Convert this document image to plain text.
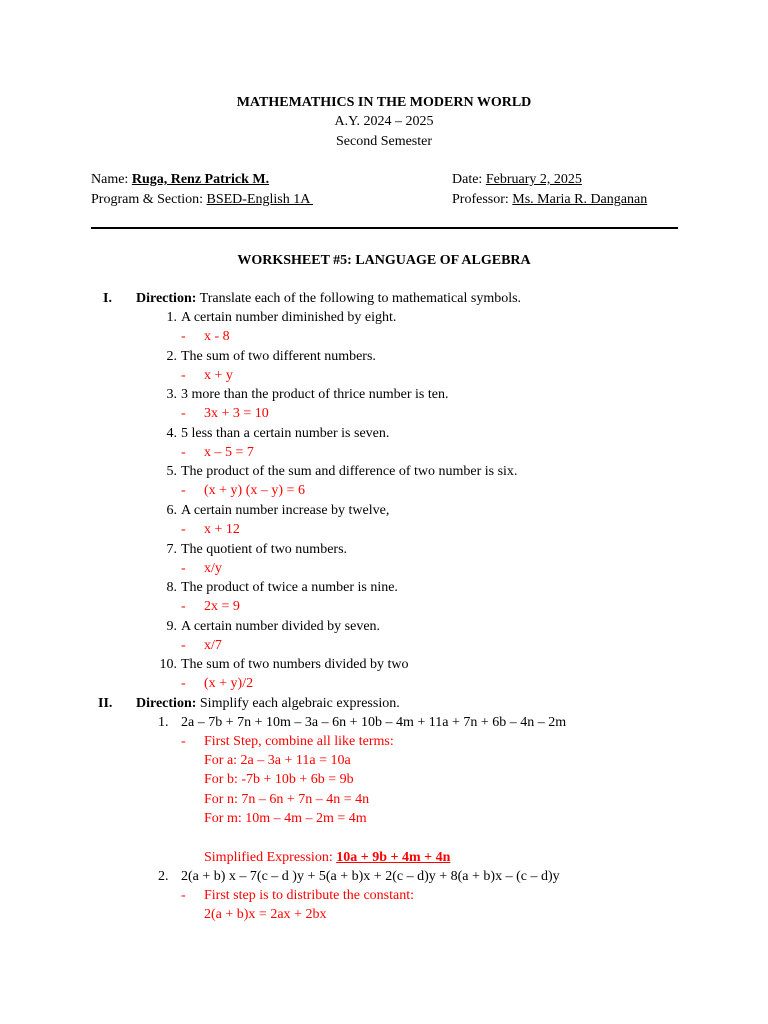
MATHEMATHICS IN THE MODERN WORLD
A.Y. 2024 – 2025
Second Semester
Name: Ruga, Renz Patrick M.
Program & Section: BSED-English 1A
Date: February 2, 2025
Professor: Ms. Maria R. Danganan
WORKSHEET #5: LANGUAGE OF ALGEBRA
I. Direction: Translate each of the following to mathematical symbols.
1. A certain number diminished by eight.
- x - 8
2. The sum of two different numbers.
- x + y
3. 3 more than the product of thrice number is ten.
- 3x + 3 = 10
4. 5 less than a certain number is seven.
- x – 5 = 7
5. The product of the sum and difference of two number is six.
- (x + y) (x – y) = 6
6. A certain number increase by twelve,
- x + 12
7. The quotient of two numbers.
- x/y
8. The product of twice a number is nine.
- 2x = 9
9. A certain number divided by seven.
- x/7
10. The sum of two numbers divided by two
- (x + y)/2
II. Direction: Simplify each algebraic expression.
1. 2a – 7b + 7n + 10m – 3a – 6n + 10b – 4m + 11a + 7n + 6b – 4n – 2m
- First Step, combine all like terms:
For a: 2a – 3a + 11a = 10a
For b: -7b + 10b + 6b = 9b
For n: 7n – 6n + 7n – 4n = 4n
For m: 10m – 4m – 2m = 4m
Simplified Expression: 10a + 9b + 4m + 4n
2. 2(a + b) x – 7(c – d )y + 5(a + b)x + 2(c – d)y + 8(a + b)x – (c – d)y
- First step is to distribute the constant:
2(a + b)x = 2ax + 2bx
